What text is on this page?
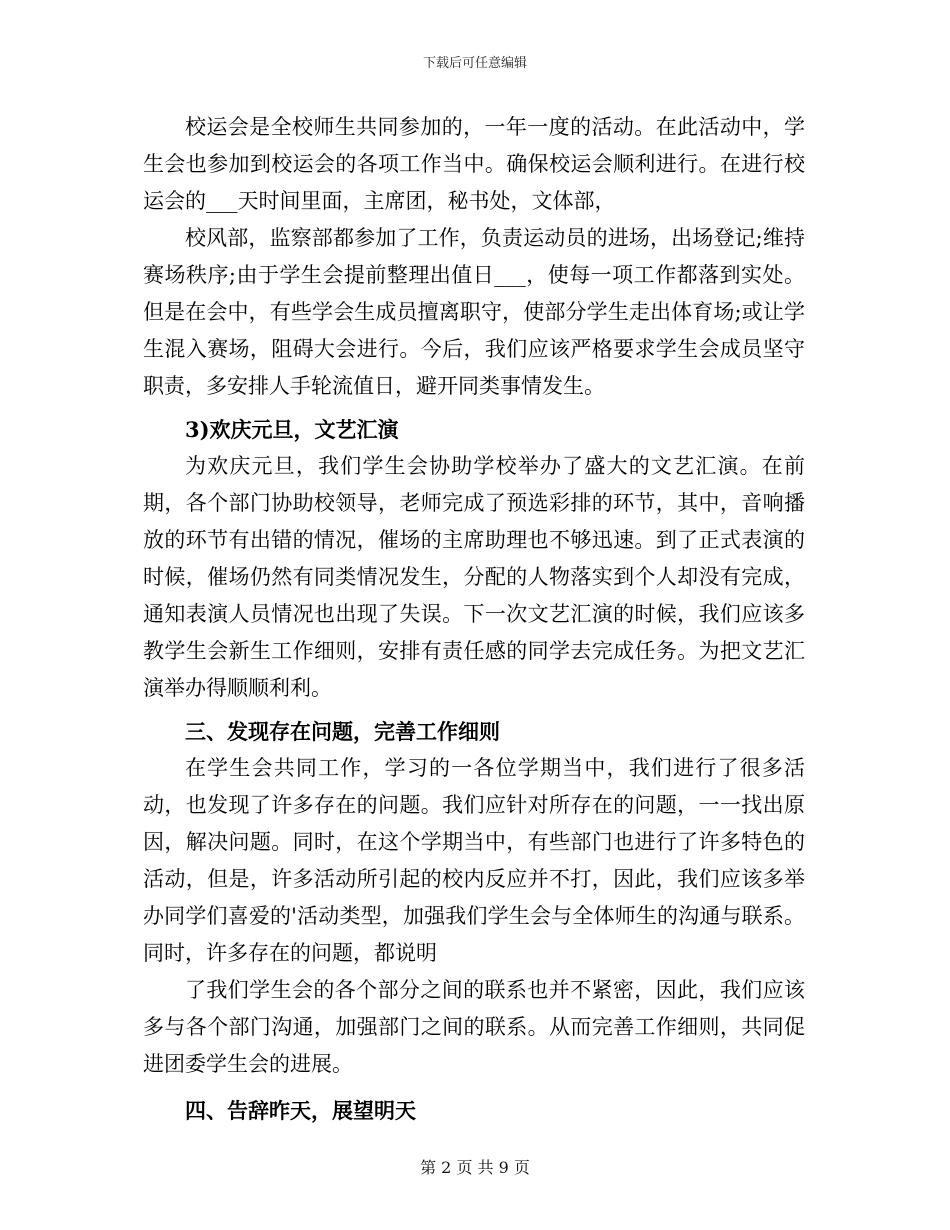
下载后可任意编辑

校运会是全校师生共同参加的，一年一度的活动。在此活动中，学生会也参加到校运会的各项工作当中。确保校运会顺利进行。在进行校运会的___天时间里面，主席团，秘书处，文体部，

校风部，监察部都参加了工作，负责运动员的进场，出场登记;维持赛场秩序;由于学生会提前整理出值日___，使每一项工作都落到实处。但是在会中，有些学会生成员擅离职守，使部分学生走出体育场;或让学生混入赛场，阻碍大会进行。今后，我们应该严格要求学生会成员坚守职责，多安排人手轮流值日，避开同类事情发生。

3)欢庆元旦，文艺汇演

为欢庆元旦，我们学生会协助学校举办了盛大的文艺汇演。在前期，各个部门协助校领导，老师完成了预选彩排的环节，其中，音响播放的环节有出错的情况，催场的主席助理也不够迅速。到了正式表演的时候，催场仍然有同类情况发生，分配的人物落实到个人却没有完成，通知表演人员情况也出现了失误。下一次文艺汇演的时候，我们应该多教学生会新生工作细则，安排有责任感的同学去完成任务。为把文艺汇演举办得顺顺利利。

三、发现存在问题，完善工作细则

在学生会共同工作，学习的一各位学期当中，我们进行了很多活动，也发现了许多存在的问题。我们应针对所存在的问题，一一找出原因，解决问题。同时，在这个学期当中，有些部门也进行了许多特色的活动，但是，许多活动所引起的校内反应并不打，因此，我们应该多举办同学们喜爱的'活动类型，加强我们学生会与全体师生的沟通与联系。同时，许多存在的问题，都说明

了我们学生会的各个部分之间的联系也并不紧密，因此，我们应该多与各个部门沟通，加强部门之间的联系。从而完善工作细则，共同促进团委学生会的进展。

四、告辞昨天，展望明天

第 2 页 共 9 页
